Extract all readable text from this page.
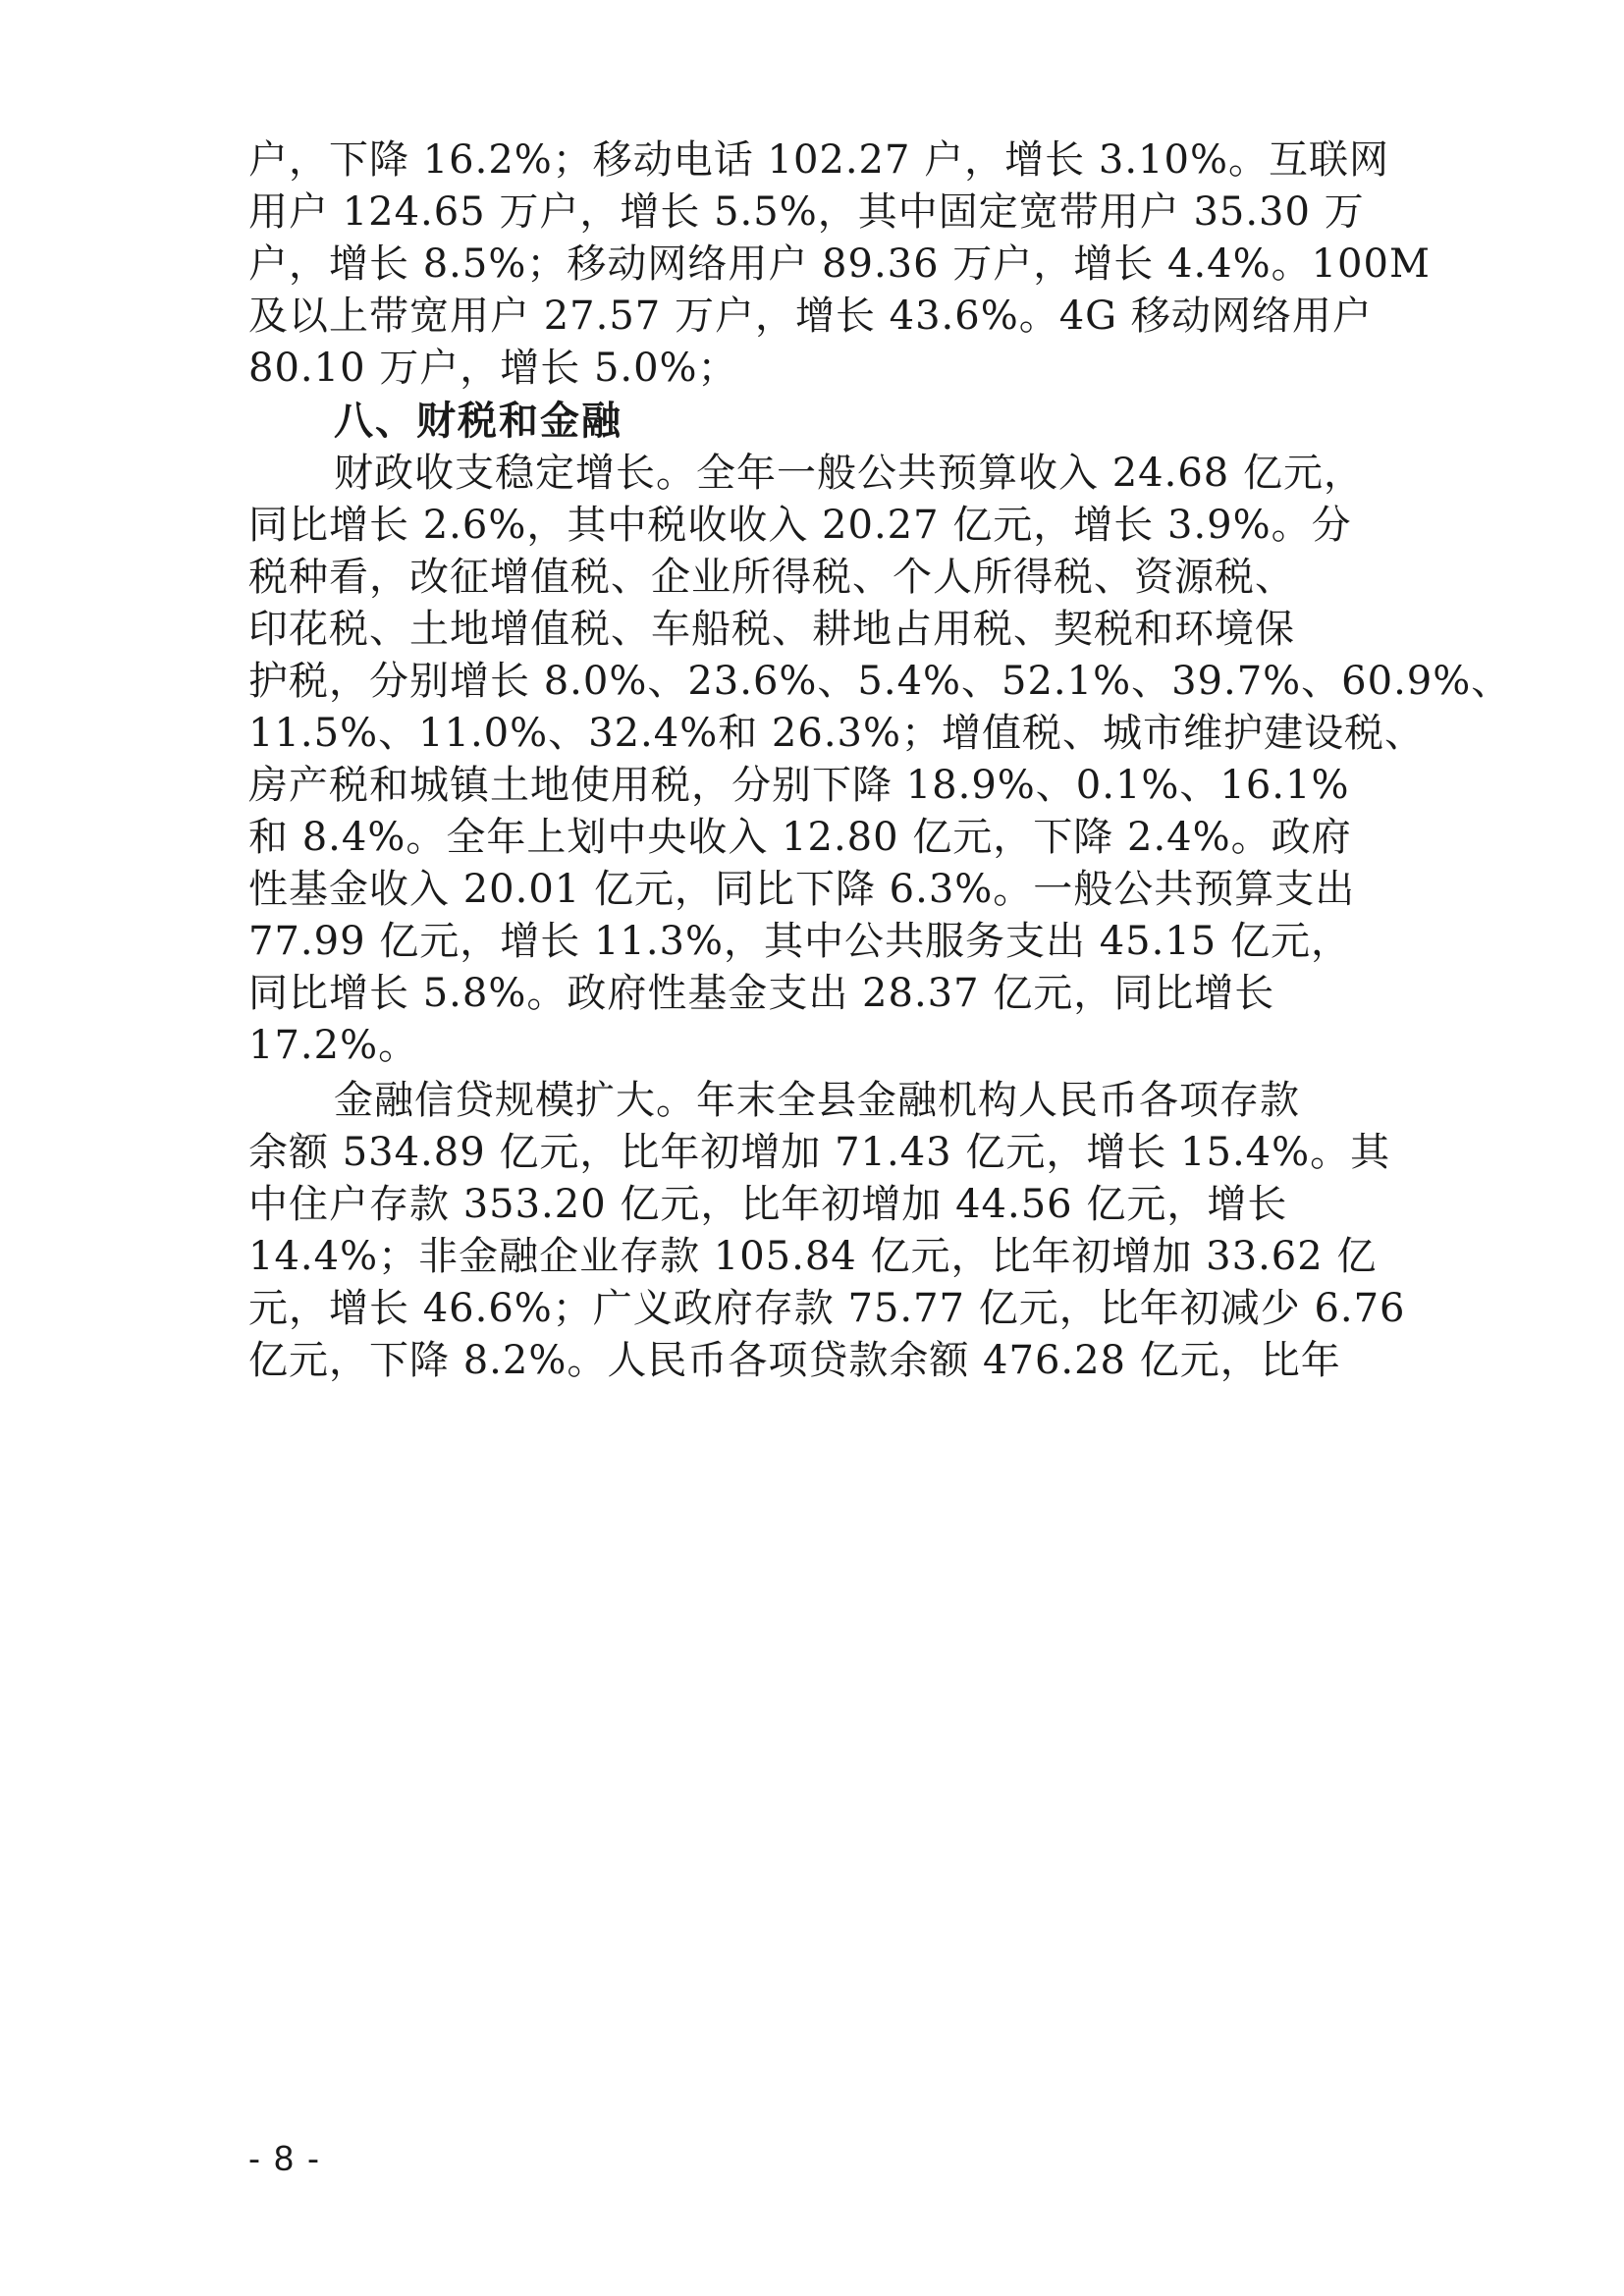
户，下降 16.2%；移动电话 102.27 户，增长 3.10%。互联网
用户 124.65 万户，增长 5.5%，其中固定宽带用户 35.30 万
户，增长 8.5%；移动网络用户 89.36 万户，增长 4.4%。100M
及以上带宽用户 27.57 万户，增长 43.6%。4G 移动网络用户
80.10 万户，增长 5.0%；
八、财税和金融
财政收支稳定增长。全年一般公共预算收入 24.68 亿元，
同比增长 2.6%，其中税收收入 20.27 亿元，增长 3.9%。分
税种看，改征增值税、企业所得税、个人所得税、资源税、
印花税、土地增值税、车船税、耕地占用税、契税和环境保
护税，分别增长 8.0%、23.6%、5.4%、52.1%、39.7%、60.9%、
11.5%、11.0%、32.4%和 26.3%；增值税、城市维护建设税、
房产税和城镇土地使用税，分别下降 18.9%、0.1%、16.1%
和 8.4%。全年上划中央收入 12.80 亿元，下降 2.4%。政府
性基金收入 20.01 亿元，同比下降 6.3%。一般公共预算支出
77.99 亿元，增长 11.3%，其中公共服务支出 45.15 亿元，
同比增长 5.8%。政府性基金支出 28.37 亿元，同比增长
17.2%。
金融信贷规模扩大。年末全县金融机构人民币各项存款
余额 534.89 亿元，比年初增加 71.43 亿元，增长 15.4%。其
中住户存款 353.20 亿元，比年初增加 44.56 亿元，增长
14.4%；非金融企业存款 105.84 亿元，比年初增加 33.62 亿
元，增长 46.6%；广义政府存款 75.77 亿元，比年初减少 6.76
亿元，下降 8.2%。人民币各项贷款余额 476.28 亿元，比年
- 8 -
